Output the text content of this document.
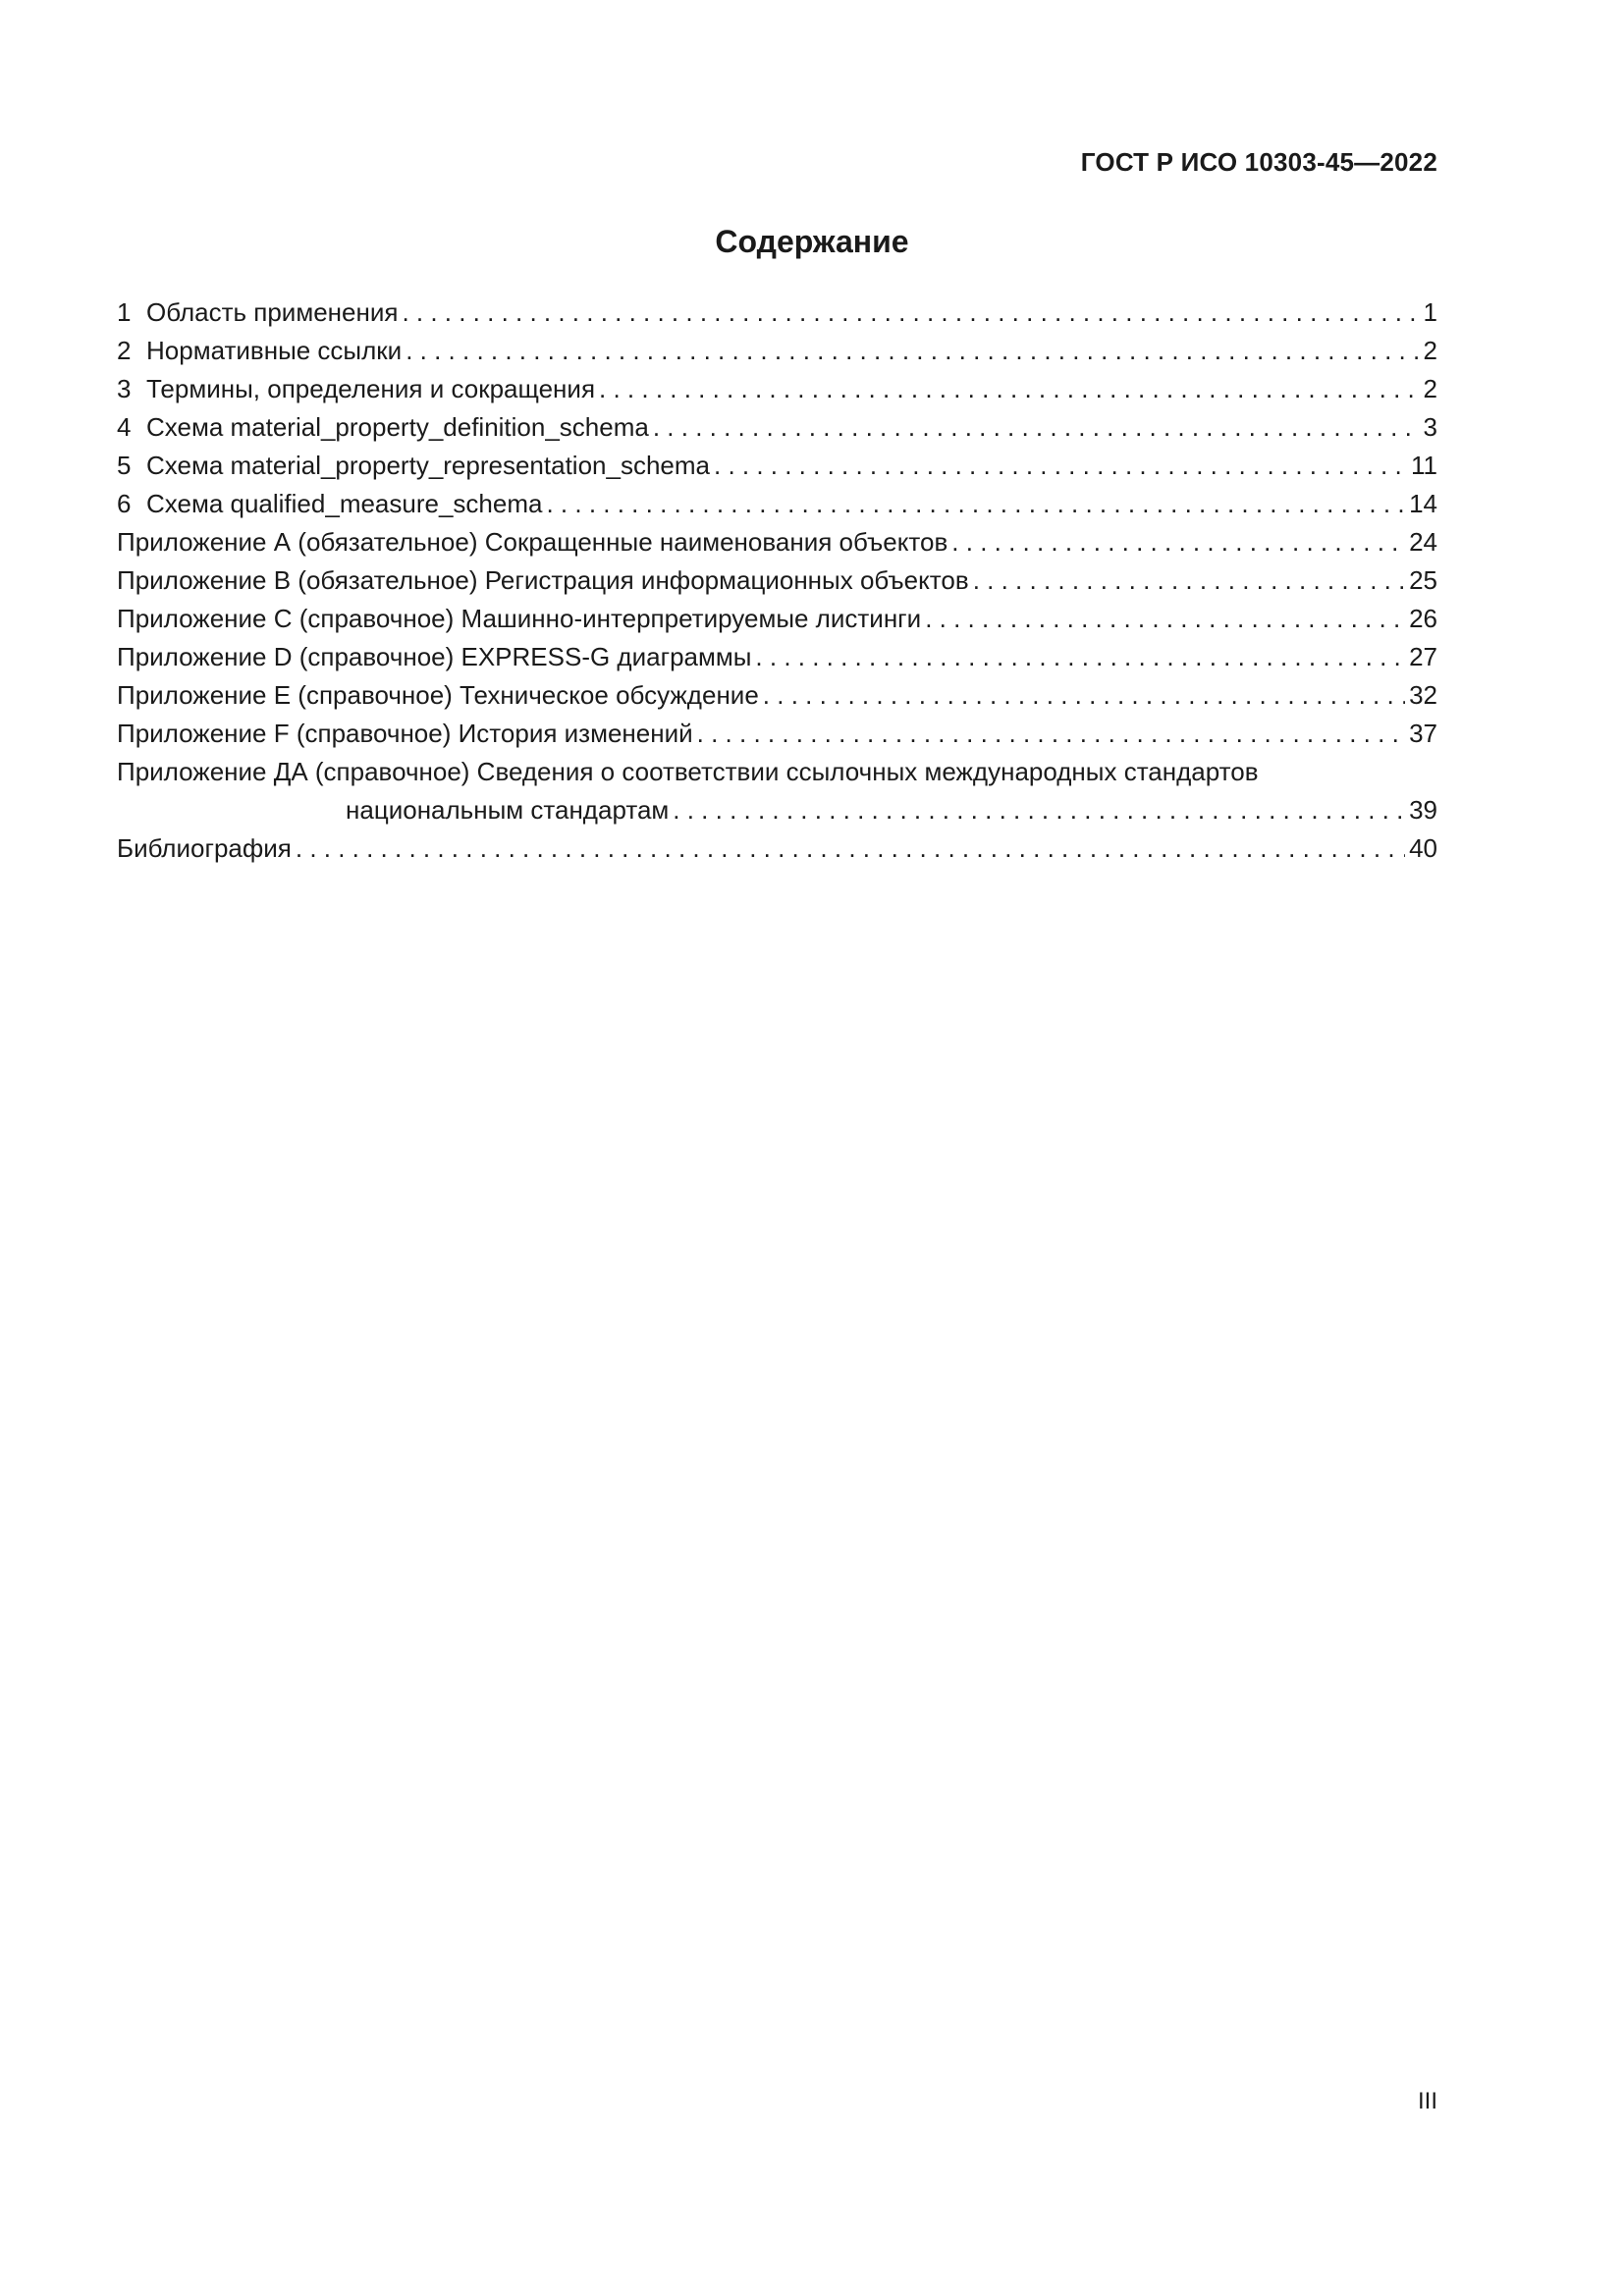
ГОСТ Р ИСО 10303-45—2022
Содержание
1 Область применения . . .	1
2 Нормативные ссылки . . .	2
3 Термины, определения и сокращения . . .	2
4 Схема material_property_definition_schema . . .	3
5 Схема material_property_representation_schema . . .	11
6 Схема qualified_measure_schema . . .	14
Приложение А (обязательное) Сокращенные наименования объектов . . .	24
Приложение В (обязательное) Регистрация информационных объектов . . .	25
Приложение С (справочное) Машинно-интерпретируемые листинги . . .	26
Приложение D (справочное) EXPRESS-G диаграммы . . .	27
Приложение Е (справочное) Техническое обсуждение . . .	32
Приложение F (справочное) История изменений . . .	37
Приложение ДА (справочное) Сведения о соответствии ссылочных международных стандартов
национальным стандартам . . .	39
Библиография . . .	40
III
